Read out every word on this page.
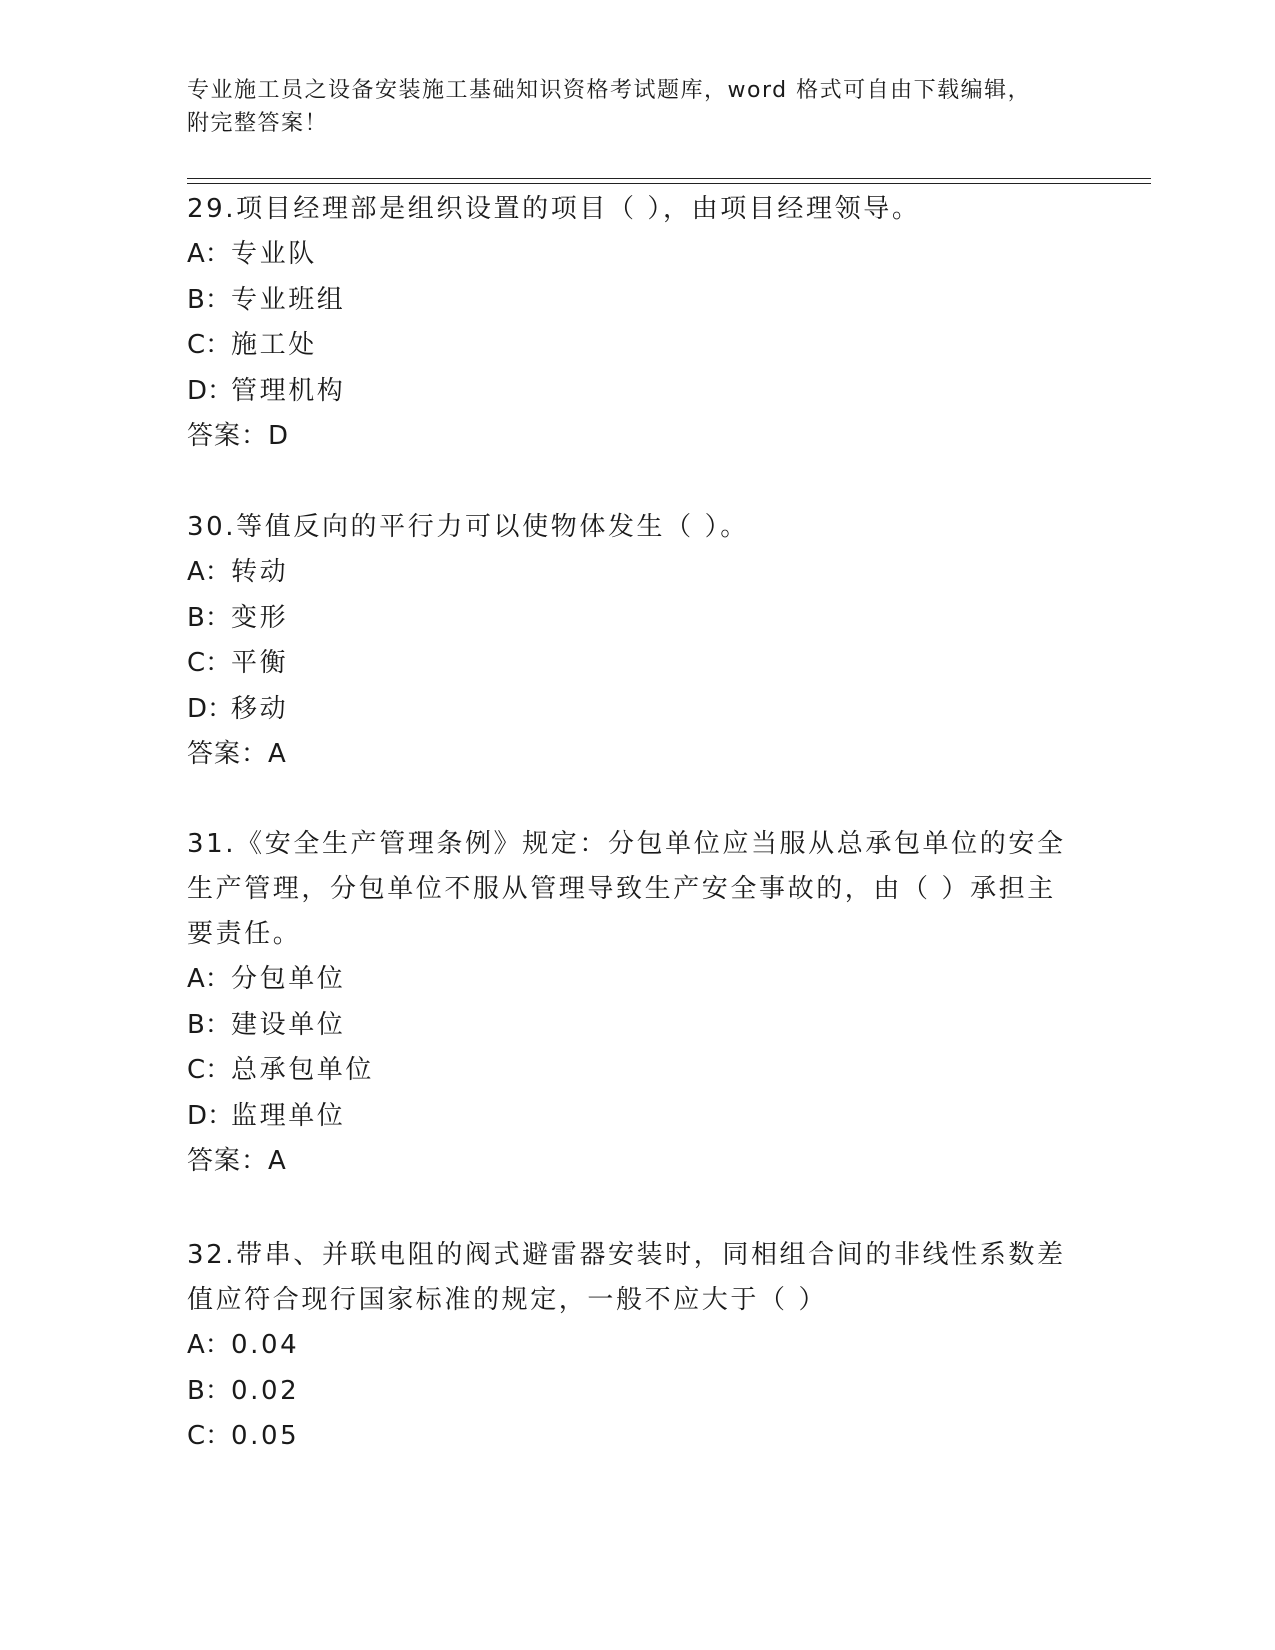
专业施工员之设备安装施工基础知识资格考试题库，word 格式可自由下载编辑，
附完整答案！

29.项目经理部是组织设置的项目（ ），由项目经理领导。

A：专业队
B：专业班组
C：施工处
D：管理机构
答案：D

30.等值反向的平行力可以使物体发生（ ）。

A：转动
B：变形
C：平衡
D：移动
答案：A

31.《安全生产管理条例》规定：分包单位应当服从总承包单位的安全生产管理，分包单位不服从管理导致生产安全事故的，由（ ）承担主要责任。

A：分包单位
B：建设单位
C：总承包单位
D：监理单位
答案：A

32.带串、并联电阻的阀式避雷器安装时，同相组合间的非线性系数差值应符合现行国家标准的规定，一般不应大于（ ）

A：0.04
B：0.02
C：0.05
